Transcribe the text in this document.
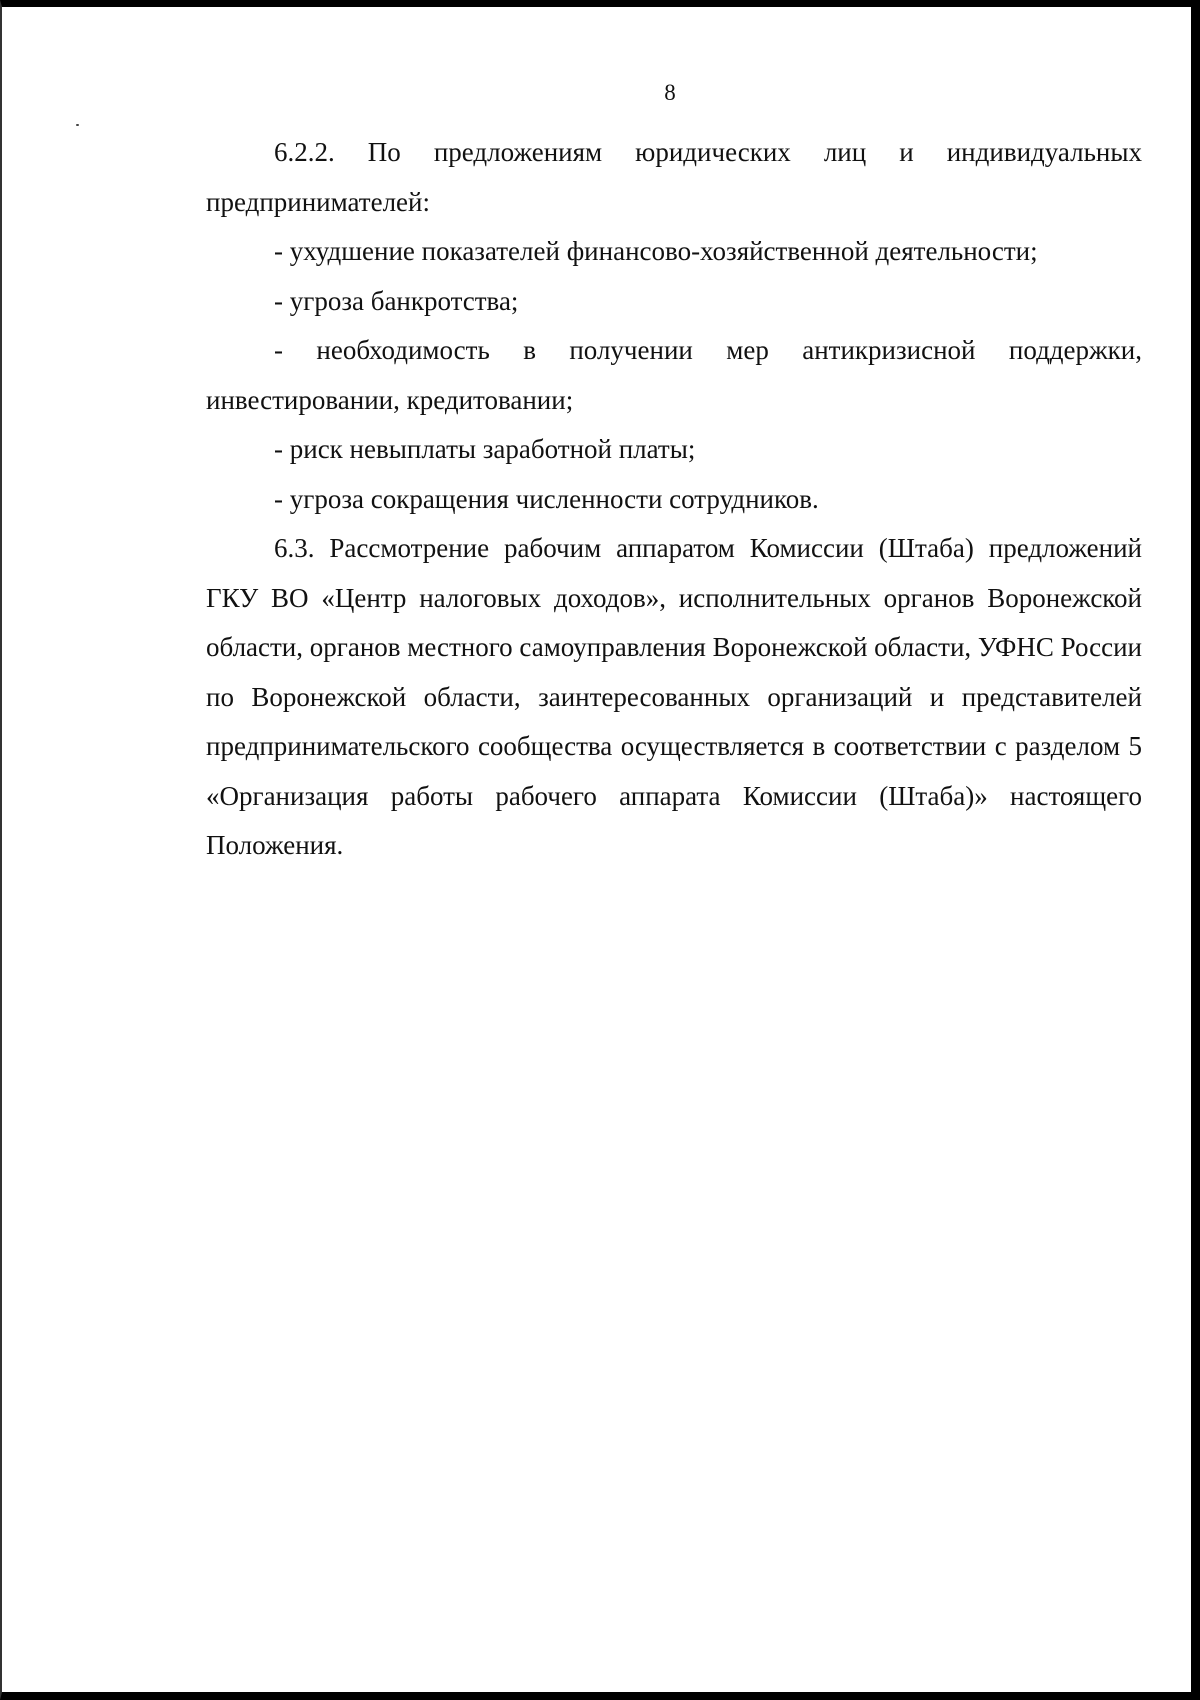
8

6.2.2. По предложениям юридических лиц и индивидуальных предпринимателей:

- ухудшение показателей финансово-хозяйственной деятельности;

- угроза банкротства;

- необходимость в получении мер антикризисной поддержки, инвестировании, кредитовании;

- риск невыплаты заработной платы;

- угроза сокращения численности сотрудников.

6.3. Рассмотрение рабочим аппаратом Комиссии (Штаба) предложений ГКУ ВО «Центр налоговых доходов», исполнительных органов Воронежской области, органов местного самоуправления Воронежской области, УФНС России по Воронежской области, заинтересованных организаций и представителей предпринимательского сообщества осуществляется в соответствии с разделом 5 «Организация работы рабочего аппарата Комиссии (Штаба)» настоящего Положения.
